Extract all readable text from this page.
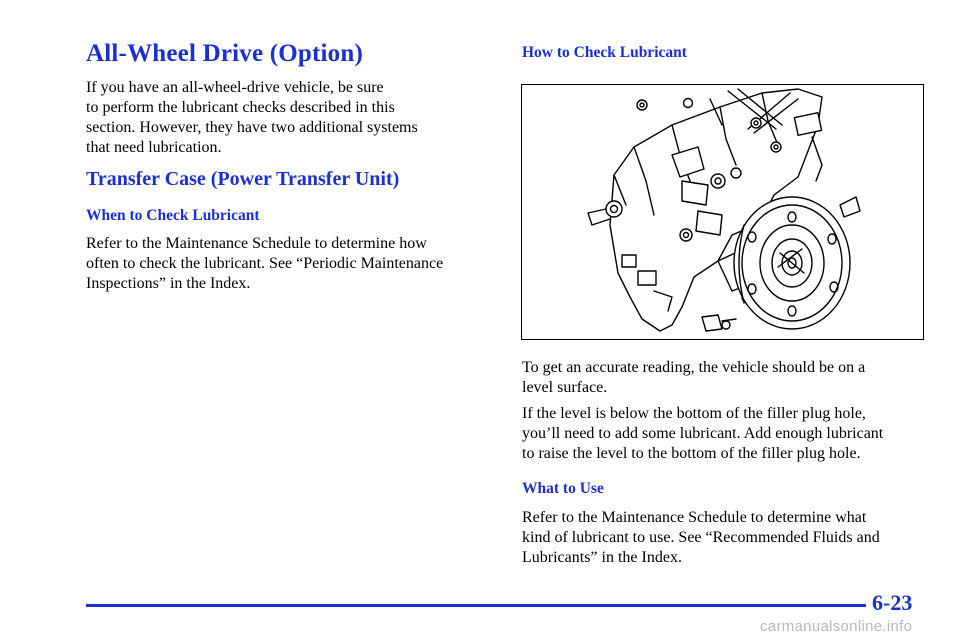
All-Wheel Drive (Option)

If you have an all-wheel-drive vehicle, be sure
to perform the lubricant checks described in this
section. However, they have two additional systems
that need lubrication.

Transfer Case (Power Transfer Unit)
When to Check Lubricant

Refer to the Maintenance Schedule to determine how
often to check the lubricant. See “Periodic Maintenance
Inspections” in the Index.

How to Check Lubricant

To get an accurate reading, the vehicle should be on a
level surface.

If the level is below the bottom of the filler plug hole,
you’ll need to add some lubricant. Add enough lubricant
to raise the level to the bottom of the filler plug hole.

What to Use

Refer to the Maintenance Schedule to determine what
kind of lubricant to use. See “Recommended Fluids and
Lubricants” in the Index.

6-23

carmanualsonline.info
